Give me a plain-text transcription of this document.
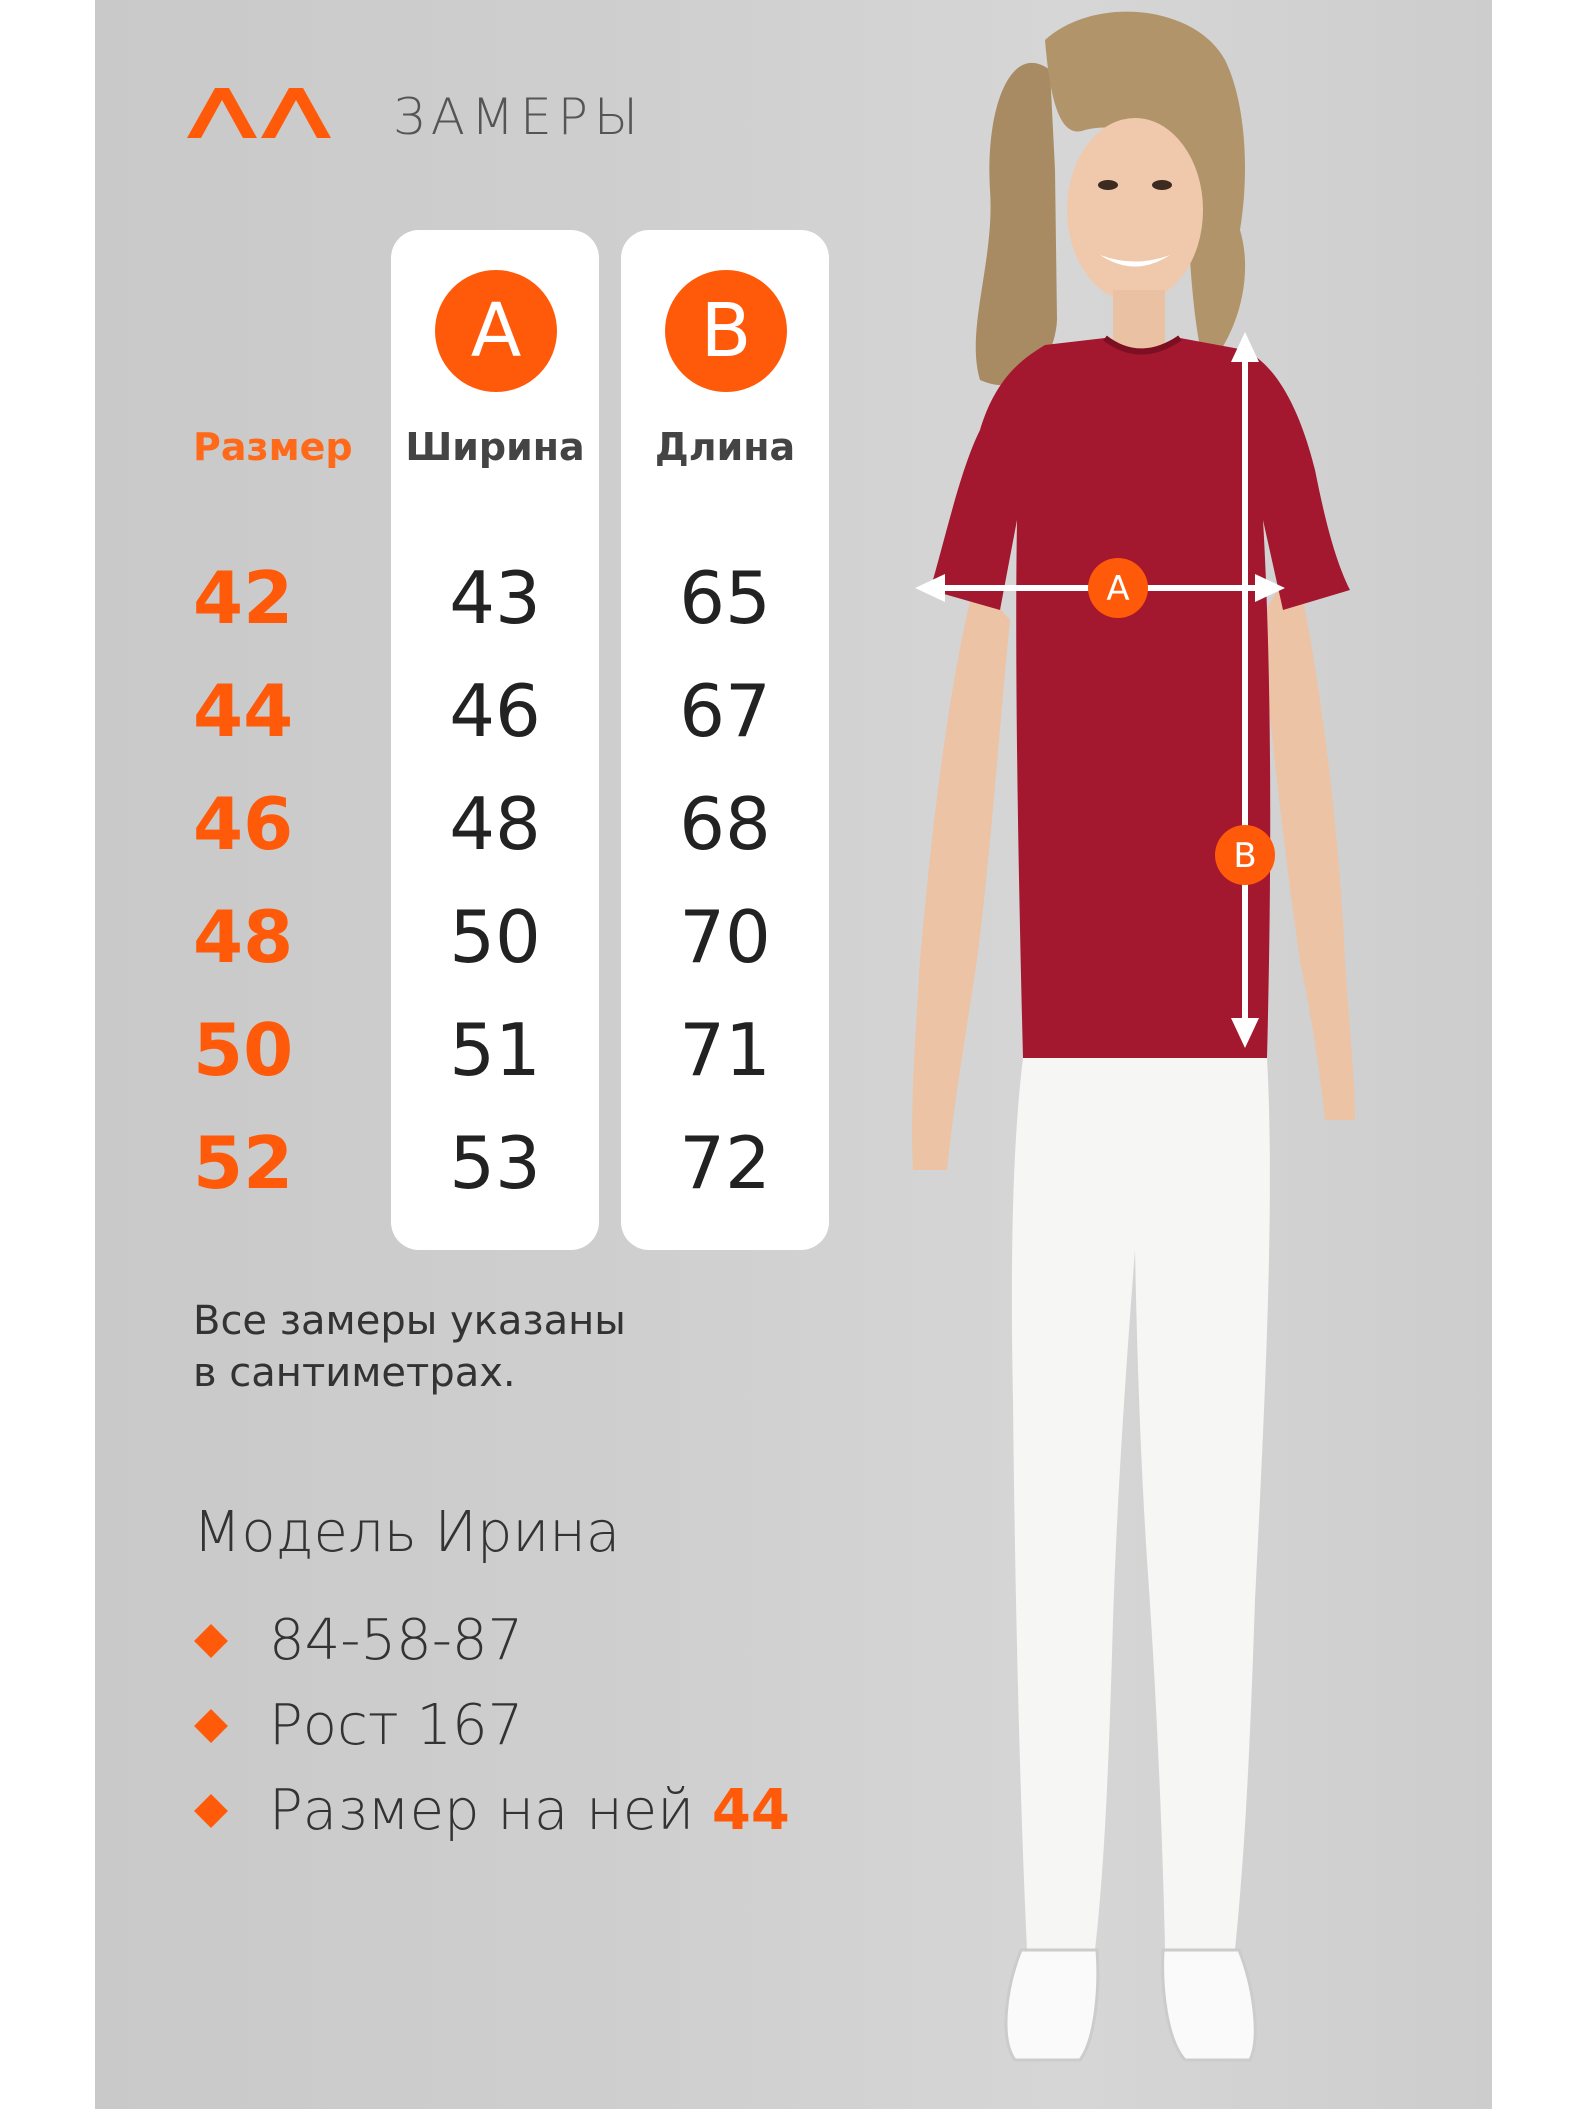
ЗАМЕРЫ
Размер
42
44
46
48
50
52
A
Ширина
43
46
48
50
51
53
B
Длина
65
67
68
70
71
72
Все замеры указаны
в сантиметрах.
Модель Ирина
84-58-87
Рост 167
Размер на ней 44
A
B
